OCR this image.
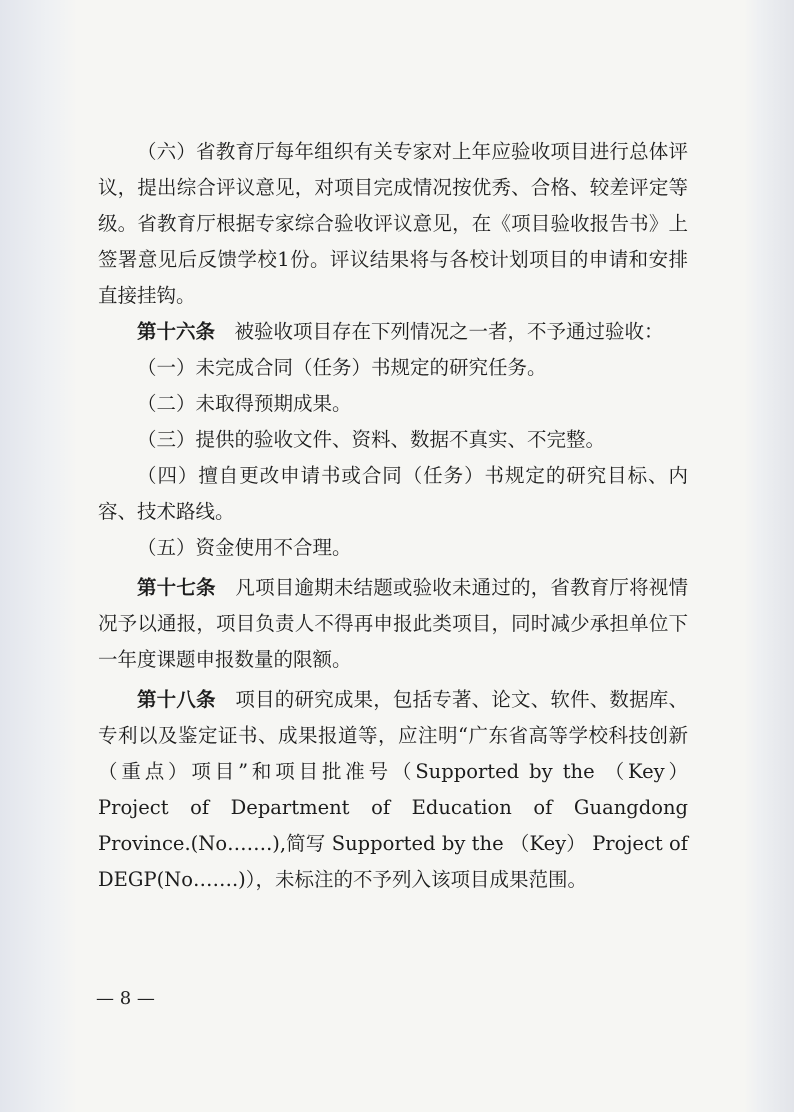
（六）省教育厅每年组织有关专家对上年应验收项目进行总体评议，提出综合评议意见，对项目完成情况按优秀、合格、较差评定等级。省教育厅根据专家综合验收评议意见，在《项目验收报告书》上签署意见后反馈学校1份。评议结果将与各校计划项目的申请和安排直接挂钩。

第十六条　被验收项目存在下列情况之一者，不予通过验收：

（一）未完成合同（任务）书规定的研究任务。

（二）未取得预期成果。

（三）提供的验收文件、资料、数据不真实、不完整。

（四）擅自更改申请书或合同（任务）书规定的研究目标、内容、技术路线。

（五）资金使用不合理。

第十七条　凡项目逾期未结题或验收未通过的，省教育厅将视情况予以通报，项目负责人不得再申报此类项目，同时减少承担单位下一年度课题申报数量的限额。

第十八条　项目的研究成果，包括专著、论文、软件、数据库、专利以及鉴定证书、成果报道等，应注明“广东省高等学校科技创新（重点）项目”和项目批准号（Supported by the （Key） Project of Department of Education of Guangdong Province.(No…….),简写 Supported by the （Key） Project of DEGP(No…….)），未标注的不予列入该项目成果范围。

— 8 —
